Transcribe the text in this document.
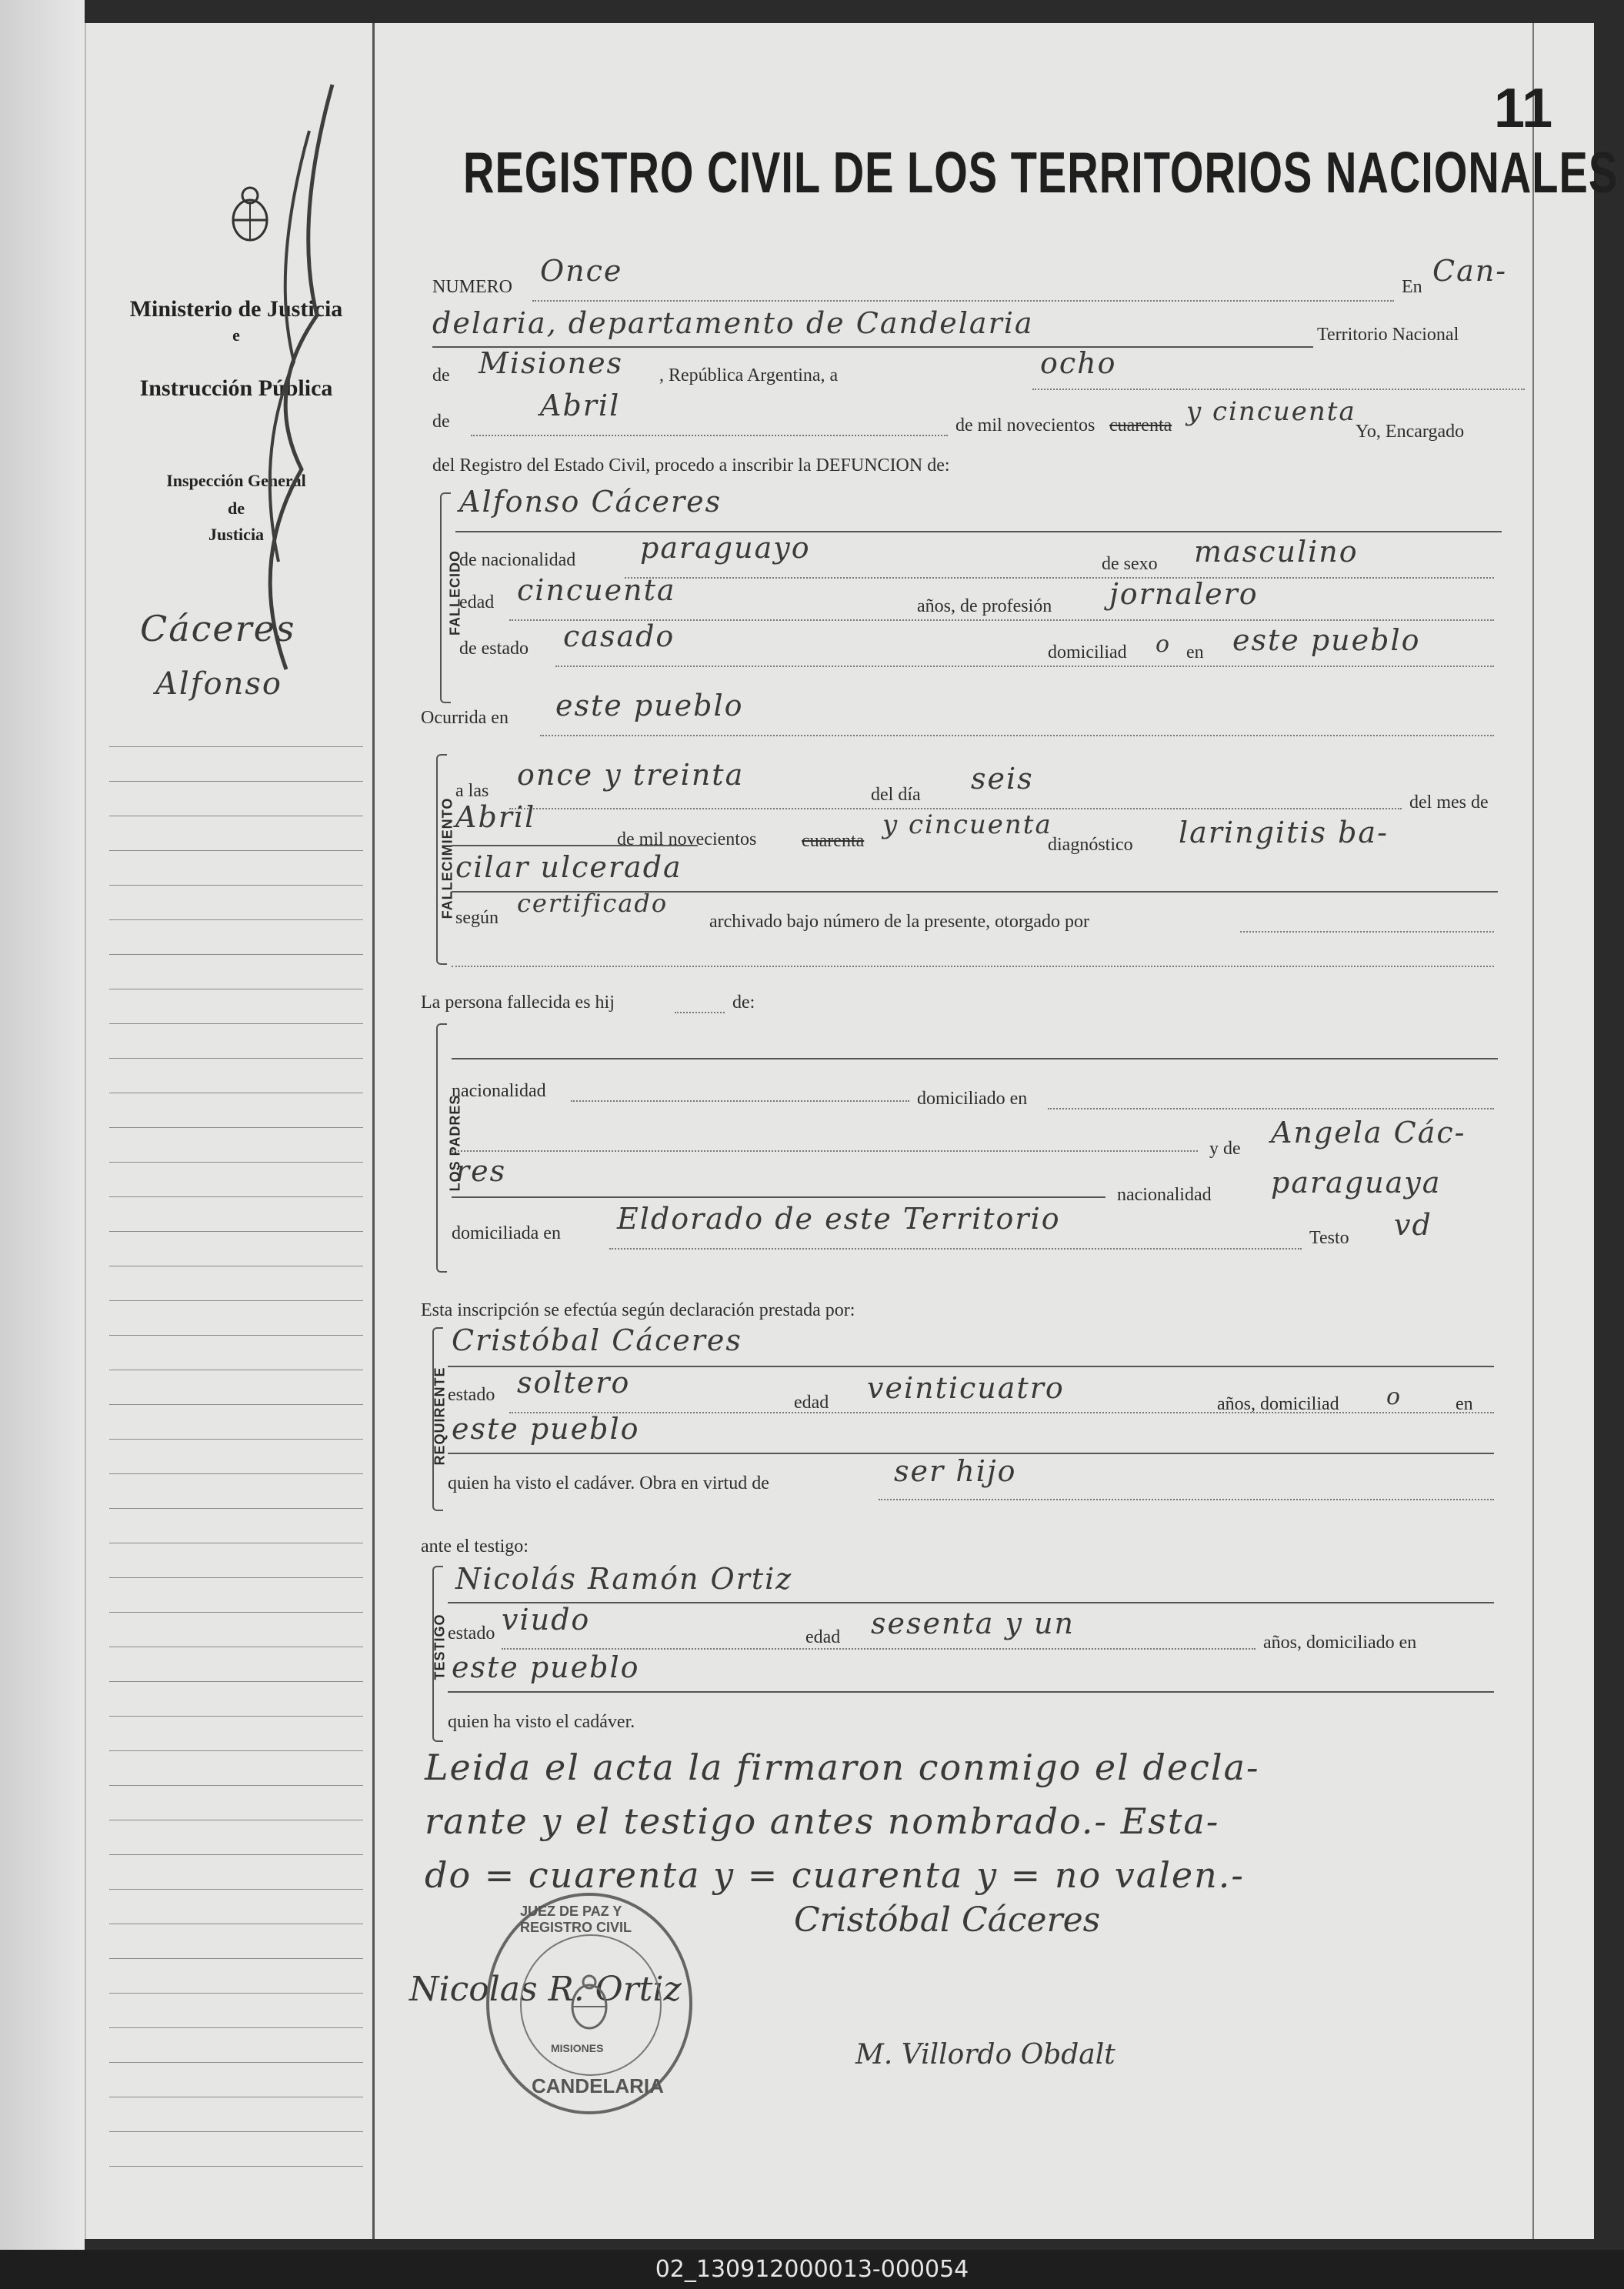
Ministerio de Justicia
e
Instrucción Pública
Inspección General
de
Justicia
Cáceres
Alfonso
11
REGISTRO CIVIL DE LOS TERRITORIOS NACIONALES
NUMERO Once	En Can-
delaria, departamento de Candelaria	Territorio Nacional
de Misiones , República Argentina, a	ocho
de	Abril
de mil novecientos cuarenta y cincuenta
Yo, Encargado
del Registro del Estado Civil, procedo a inscribir la DEFUNCION de:
FALLECIDO
Alfonso Cáceres
de nacionalidad paraguayo	de sexo masculino
edad cincuenta	años, de profesión jornalero
de estado casado	domiciliad o en este pueblo
Ocurrida en este pueblo
FALLECIMIENTO
a las once y treinta
del día seis
del mes de
Abril
de mil novecientos cuarenta
y cincuenta
diagnóstico laringitis ba-
cilar ulcerada
según certificado
archivado bajo número de la presente, otorgado por
La persona fallecida es hij	de:
LOS PADRES
nacionalidad	domiciliado en
y de Angela Các-
res
nacionalidad paraguaya
domiciliada en Eldorado de este Territorio
Testo vd
Esta inscripción se efectúa según declaración prestada por:
REQUIRENTE
Cristóbal Cáceres
estado soltero
edad veinticuatro	años, domiciliad o	en
este pueblo
quien ha visto el cadáver. Obra en virtud de	ser hijo
ante el testigo:
TESTIGO
Nicolás Ramón Ortiz
estado viudo
edad sesenta y un
años, domiciliado en
este pueblo
quien ha visto el cadáver.
Leida el acta la firmaron conmigo el decla-
rante y el testigo antes nombrado.- Esta-
do = cuarenta y = cuarenta y = no valen.-
Cristóbal Cáceres
Nicolas R. Ortiz
M. Villordo Obdalt
JUEZ DE PAZ Y REGISTRO CIVIL
MISIONES
CANDELARIA
02_130912000013-000054
